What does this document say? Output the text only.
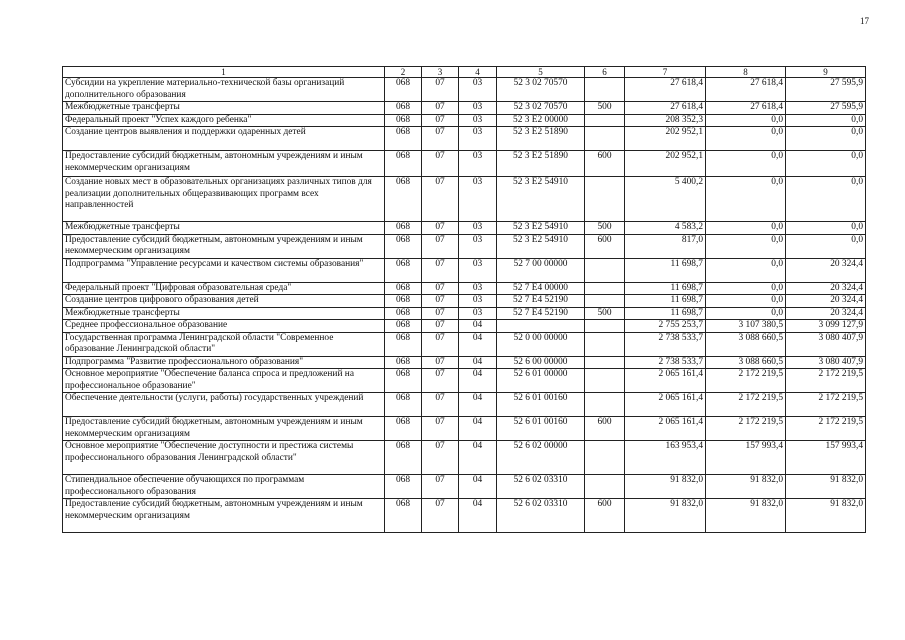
17
1	2	3	4	5	6	7	8	9
Субсидии на укрепление материально-технической базы организаций дополнительного образования	068	07	03	52 3 02 70570		27 618,4	27 618,4	27 595,9
Межбюджетные трансферты	068	07	03	52 3 02 70570	500	27 618,4	27 618,4	27 595,9
Федеральный проект "Успех каждого ребенка"	068	07	03	52 3 E2 00000		208 352,3	0,0	0,0
Создание центров выявления и поддержки одаренных детей	068	07	03	52 3 E2 51890		202 952,1	0,0	0,0
Предоставление субсидий бюджетным, автономным учреждениям и иным некоммерческим организациям	068	07	03	52 3 E2 51890	600	202 952,1	0,0	0,0
Создание новых мест в образовательных организациях различных типов для реализации дополнительных общеразвивающих программ всех направленностей	068	07	03	52 3 E2 54910		5 400,2	0,0	0,0
Межбюджетные трансферты	068	07	03	52 3 E2 54910	500	4 583,2	0,0	0,0
Предоставление субсидий бюджетным, автономным учреждениям и иным некоммерческим организациям	068	07	03	52 3 E2 54910	600	817,0	0,0	0,0
Подпрограмма "Управление ресурсами и качеством системы образования"	068	07	03	52 7 00 00000		11 698,7	0,0	20 324,4
Федеральный проект "Цифровая образовательная среда"	068	07	03	52 7 E4 00000		11 698,7	0,0	20 324,4
Создание центров цифрового образования детей	068	07	03	52 7 E4 52190		11 698,7	0,0	20 324,4
Межбюджетные трансферты	068	07	03	52 7 E4 52190	500	11 698,7	0,0	20 324,4
Среднее профессиональное образование	068	07	04			2 755 253,7	3 107 380,5	3 099 127,9
Государственная программа Ленинградской области "Современное образование Ленинградской области"	068	07	04	52 0 00 00000		2 738 533,7	3 088 660,5	3 080 407,9
Подпрограмма "Развитие профессионального образования"	068	07	04	52 6 00 00000		2 738 533,7	3 088 660,5	3 080 407,9
Основное мероприятие "Обеспечение баланса спроса и предложений на профессиональное образование"	068	07	04	52 6 01 00000		2 065 161,4	2 172 219,5	2 172 219,5
Обеспечение деятельности (услуги, работы) государственных учреждений	068	07	04	52 6 01 00160		2 065 161,4	2 172 219,5	2 172 219,5
Предоставление субсидий бюджетным, автономным учреждениям и иным некоммерческим организациям	068	07	04	52 6 01 00160	600	2 065 161,4	2 172 219,5	2 172 219,5
Основное мероприятие "Обеспечение доступности и престижа системы профессионального образования Ленинградской области"	068	07	04	52 6 02 00000		163 953,4	157 993,4	157 993,4
Стипендиальное обеспечение обучающихся по программам профессионального образования	068	07	04	52 6 02 03310		91 832,0	91 832,0	91 832,0
Предоставление субсидий бюджетным, автономным учреждениям и иным некоммерческим организациям	068	07	04	52 6 02 03310	600	91 832,0	91 832,0	91 832,0
